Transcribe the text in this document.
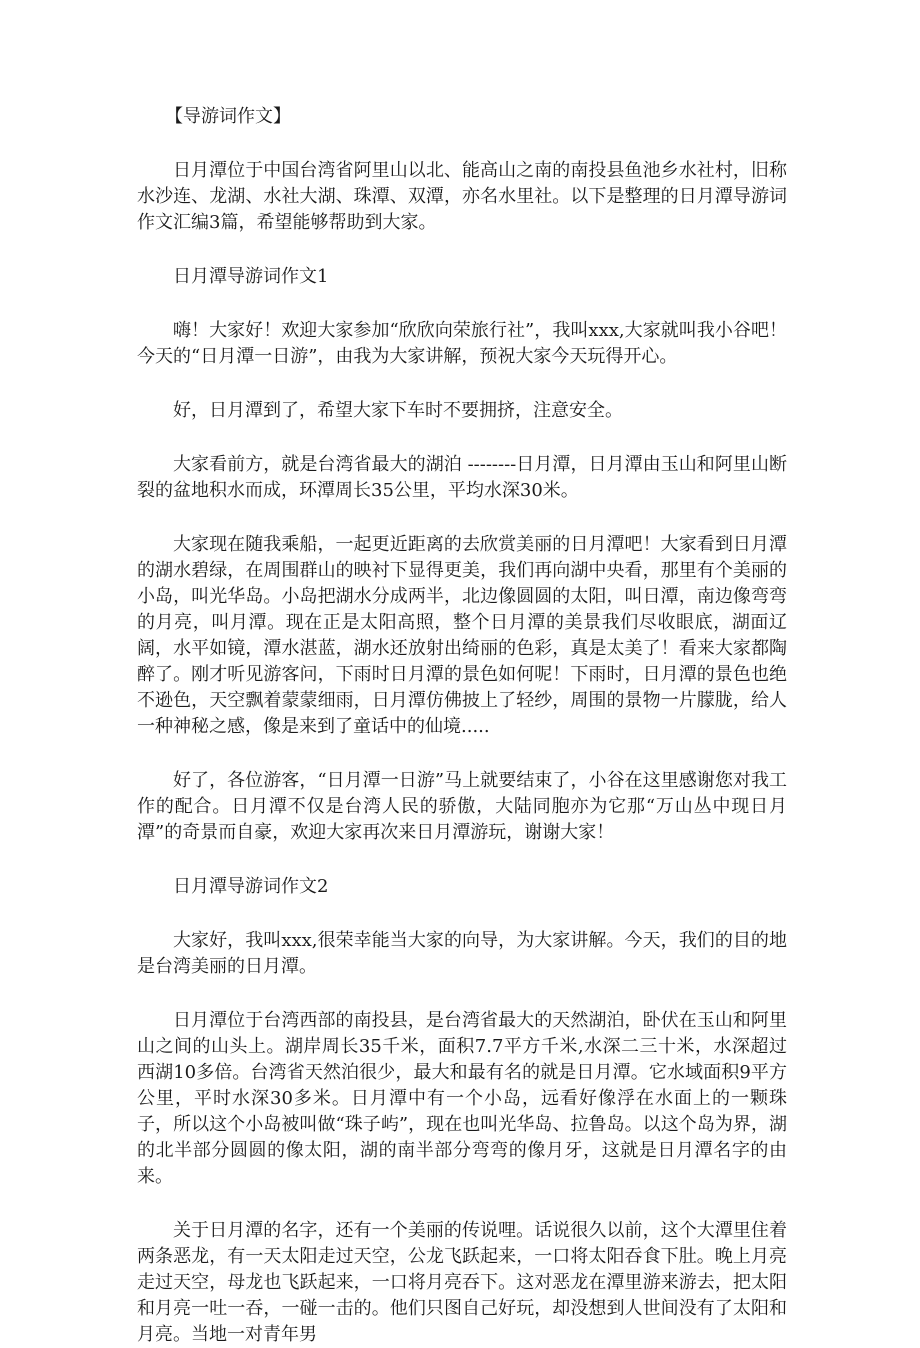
【导游词作文】

日月潭位于中国台湾省阿里山以北、能高山之南的南投县鱼池乡水社村，旧称水沙连、龙湖、水社大湖、珠潭、双潭，亦名水里社。以下是整理的日月潭导游词作文汇编3篇，希望能够帮助到大家。

日月潭导游词作文1

嗨！大家好！欢迎大家参加“欣欣向荣旅行社”，我叫xxx,大家就叫我小谷吧！今天的“日月潭一日游”，由我为大家讲解，预祝大家今天玩得开心。

好，日月潭到了，希望大家下车时不要拥挤，注意安全。

大家看前方，就是台湾省最大的湖泊 --------日月潭，日月潭由玉山和阿里山断裂的盆地积水而成，环潭周长35公里，平均水深30米。

大家现在随我乘船，一起更近距离的去欣赏美丽的日月潭吧！大家看到日月潭的湖水碧绿，在周围群山的映衬下显得更美，我们再向湖中央看，那里有个美丽的小岛，叫光华岛。小岛把湖水分成两半，北边像圆圆的太阳，叫日潭，南边像弯弯的月亮，叫月潭。现在正是太阳高照，整个日月潭的美景我们尽收眼底，湖面辽阔，水平如镜，潭水湛蓝，湖水还放射出绮丽的色彩，真是太美了！看来大家都陶醉了。刚才听见游客问，下雨时日月潭的景色如何呢！下雨时，日月潭的景色也绝不逊色，天空飘着蒙蒙细雨，日月潭仿佛披上了轻纱，周围的景物一片朦胧，给人一种神秘之感，像是来到了童话中的仙境.....

好了，各位游客，“日月潭一日游”马上就要结束了，小谷在这里感谢您对我工作的配合。日月潭不仅是台湾人民的骄傲，大陆同胞亦为它那“万山丛中现日月潭”的奇景而自豪，欢迎大家再次来日月潭游玩，谢谢大家！

日月潭导游词作文2

大家好，我叫xxx,很荣幸能当大家的向导，为大家讲解。今天，我们的目的地是台湾美丽的日月潭。

日月潭位于台湾西部的南投县，是台湾省最大的天然湖泊，卧伏在玉山和阿里山之间的山头上。湖岸周长35千米，面积7.7平方千米,水深二三十米，水深超过西湖10多倍。台湾省天然泊很少，最大和最有名的就是日月潭。它水域面积9平方公里，平时水深30多米。日月潭中有一个小岛，远看好像浮在水面上的一颗珠子，所以这个小岛被叫做“珠子屿”，现在也叫光华岛、拉鲁岛。以这个岛为界，湖的北半部分圆圆的像太阳，湖的南半部分弯弯的像月牙，这就是日月潭名字的由来。

关于日月潭的名字，还有一个美丽的传说哩。话说很久以前，这个大潭里住着两条恶龙，有一天太阳走过天空，公龙飞跃起来，一口将太阳吞食下肚。晚上月亮走过天空，母龙也飞跃起来，一口将月亮吞下。这对恶龙在潭里游来游去，把太阳和月亮一吐一吞，一碰一击的。他们只图自己好玩，却没想到人世间没有了太阳和月亮。当地一对青年男
